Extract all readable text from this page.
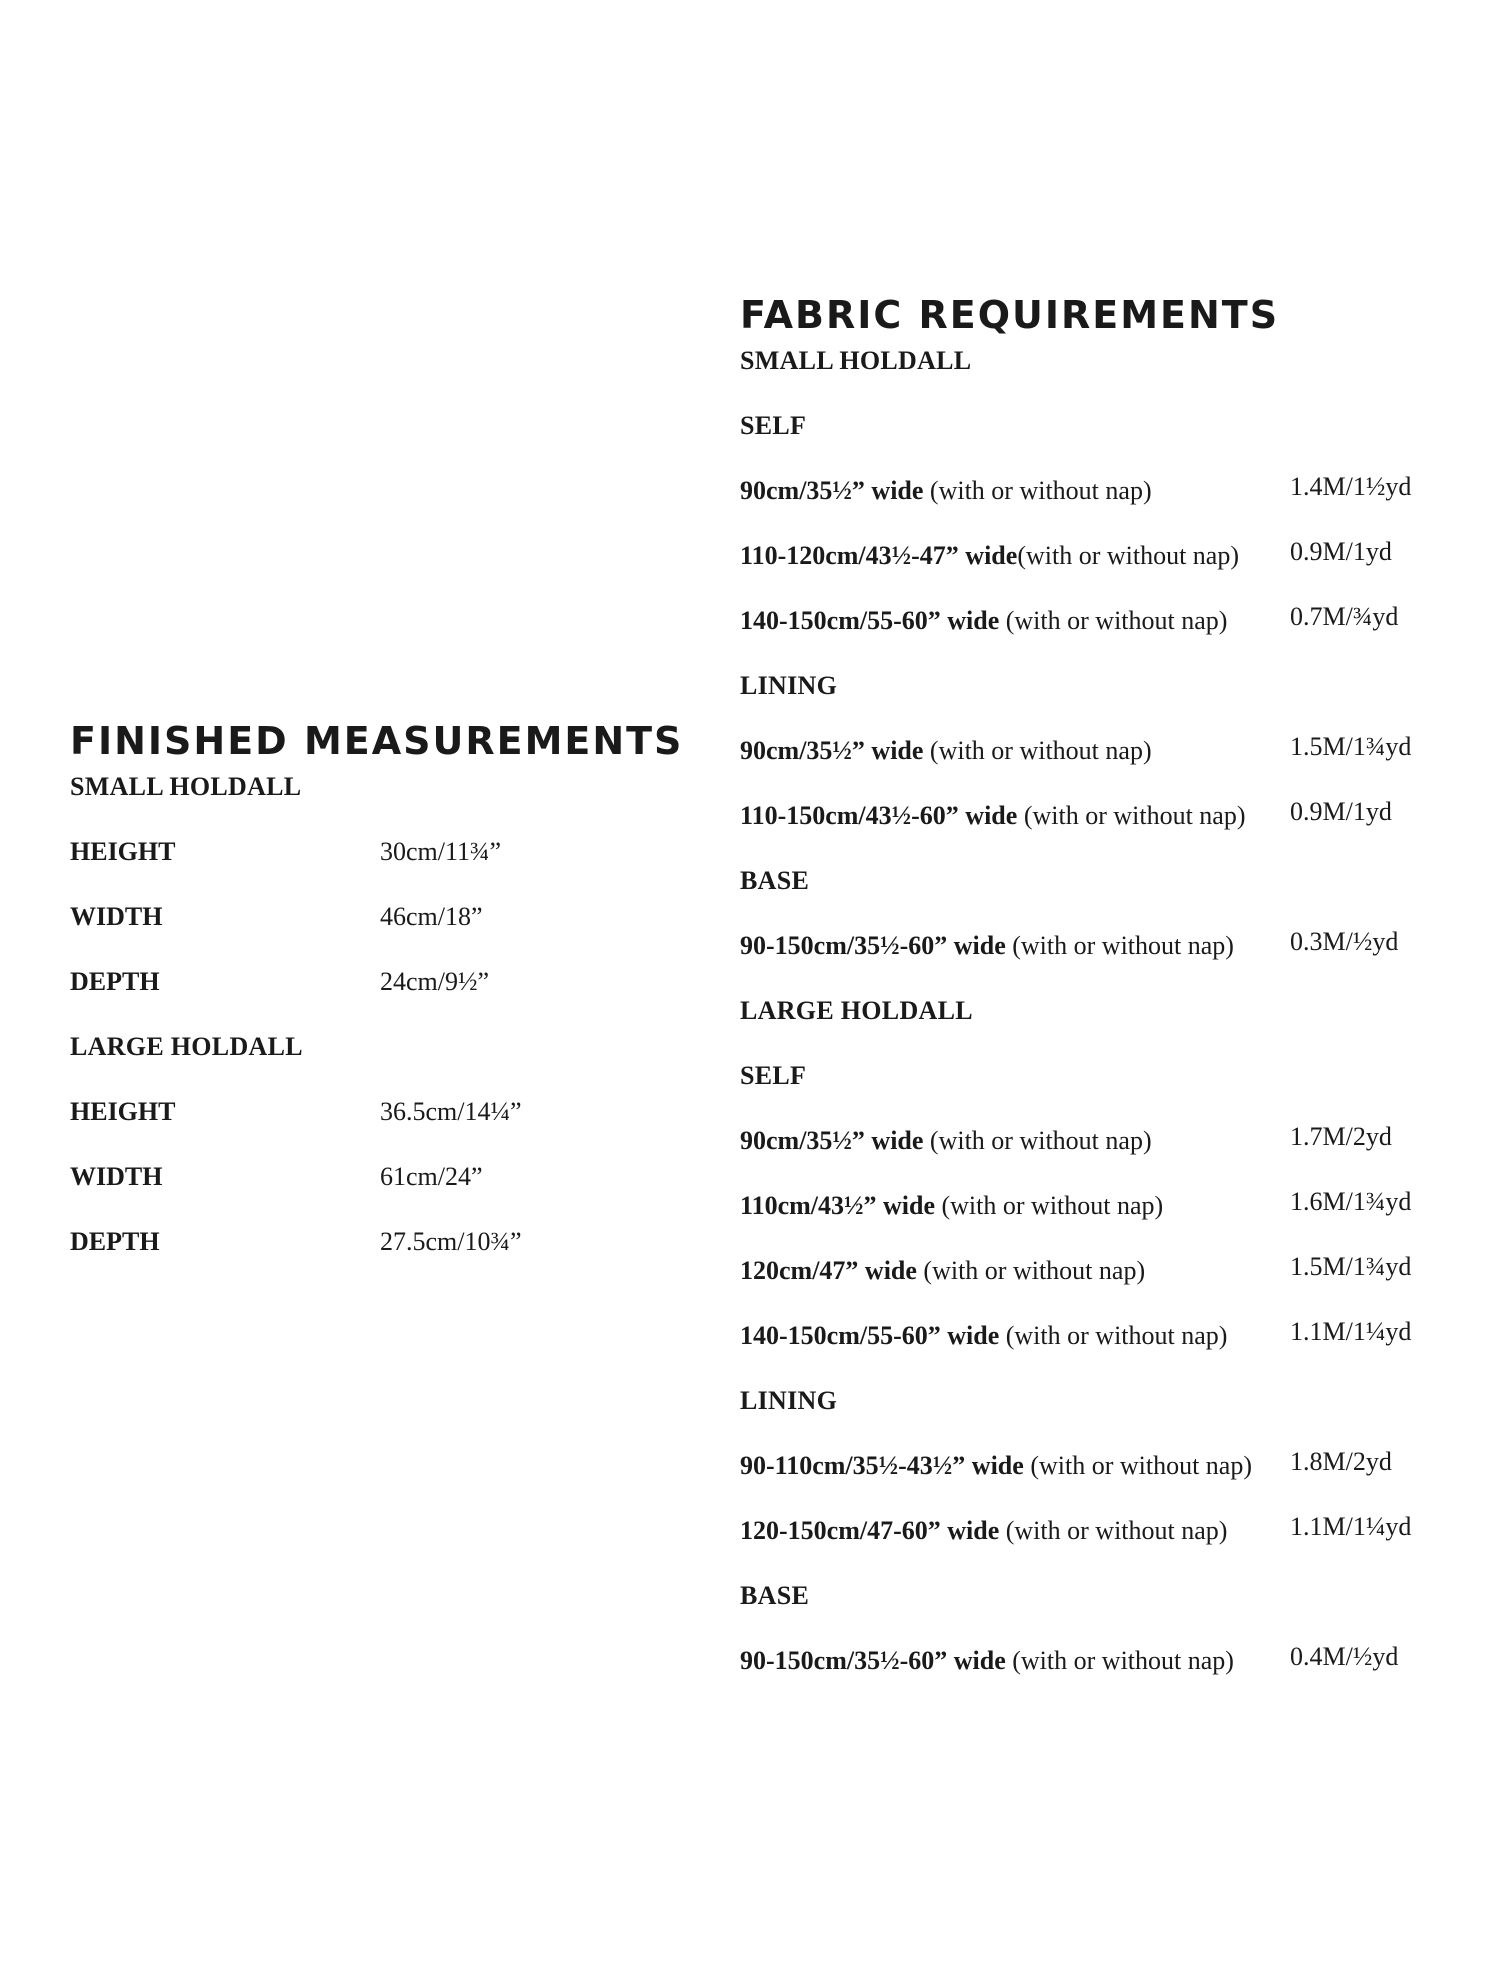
FINISHED MEASUREMENTS
SMALL HOLDALL
HEIGHT	30cm/11¾”
WIDTH	46cm/18”
DEPTH	24cm/9½”
LARGE HOLDALL
HEIGHT	36.5cm/14¼”
WIDTH	61cm/24”
DEPTH	27.5cm/10¾”
FABRIC REQUIREMENTS
SMALL HOLDALL
SELF
90cm/35½” wide (with or without nap)	1.4M/1½yd
110-120cm/43½-47” wide(with or without nap)	0.9M/1yd
140-150cm/55-60” wide (with or without nap)	0.7M/¾yd
LINING
90cm/35½” wide (with or without nap)	1.5M/1¾yd
110-150cm/43½-60” wide (with or without nap)	0.9M/1yd
BASE
90-150cm/35½-60” wide (with or without nap)	0.3M/½yd
LARGE HOLDALL
SELF
90cm/35½” wide (with or without nap)	1.7M/2yd
110cm/43½” wide (with or without nap)	1.6M/1¾yd
120cm/47” wide (with or without nap)	1.5M/1¾yd
140-150cm/55-60” wide (with or without nap)	1.1M/1¼yd
LINING
90-110cm/35½-43½” wide (with or without nap)	1.8M/2yd
120-150cm/47-60” wide (with or without nap)	1.1M/1¼yd
BASE
90-150cm/35½-60” wide (with or without nap)	0.4M/½yd
